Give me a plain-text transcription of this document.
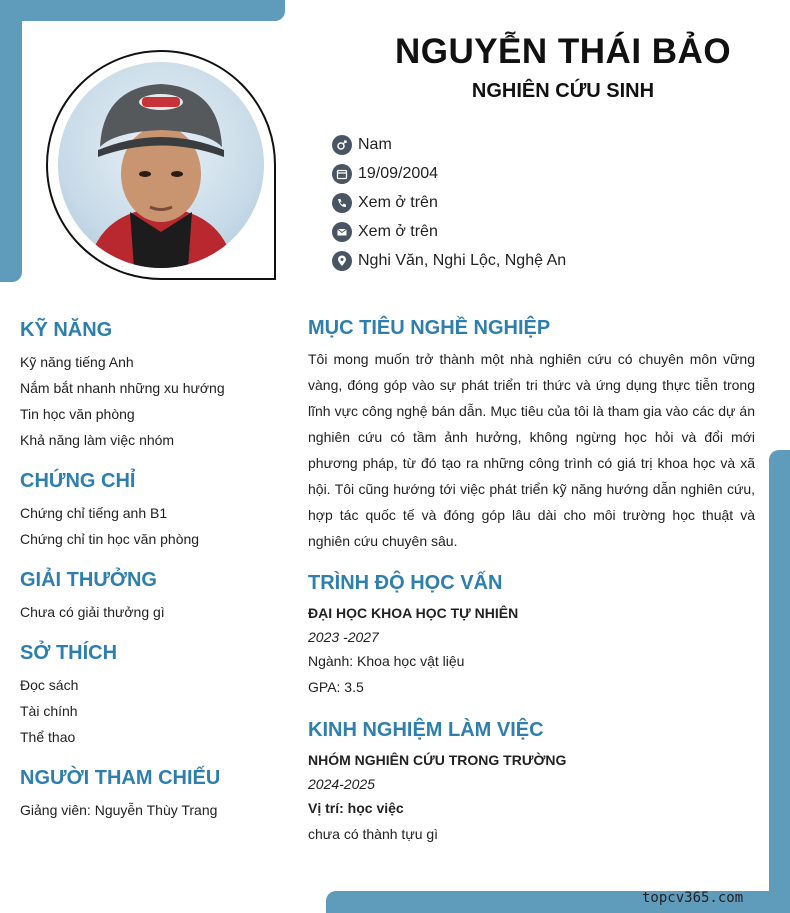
NGUYỄN THÁI BẢO
NGHIÊN CỨU SINH
Nam
19/09/2004
Xem ở trên
Xem ở trên
Nghi Văn, Nghi Lộc, Nghệ An
KỸ NĂNG
Kỹ năng tiếng Anh
Nắm bắt nhanh những xu hướng
Tin học văn phòng
Khả năng làm việc nhóm
CHỨNG CHỈ
Chứng chỉ tiếng anh B1
Chứng chỉ tin học văn phòng
GIẢI THƯỞNG
Chưa có giải thưởng gì
SỞ THÍCH
Đọc sách
Tài chính
Thể thao
NGƯỜI THAM CHIẾU
Giảng viên: Nguyễn Thùy Trang
MỤC TIÊU NGHỀ NGHIỆP
Tôi mong muốn trở thành một nhà nghiên cứu có chuyên môn vững vàng, đóng góp vào sự phát triển tri thức và ứng dụng thực tiễn trong lĩnh vực công nghệ bán dẫn. Mục tiêu của tôi là tham gia vào các dự án nghiên cứu có tầm ảnh hưởng, không ngừng học hỏi và đổi mới phương pháp, từ đó tạo ra những công trình có giá trị khoa học và xã hội. Tôi cũng hướng tới việc phát triển kỹ năng hướng dẫn nghiên cứu, hợp tác quốc tế và đóng góp lâu dài cho môi trường học thuật và nghiên cứu chuyên sâu.
TRÌNH ĐỘ HỌC VẤN
ĐẠI HỌC KHOA HỌC TỰ NHIÊN
2023 -2027
Ngành: Khoa học vật liệu
GPA: 3.5
KINH NGHIỆM LÀM VIỆC
NHÓM NGHIÊN CỨU TRONG TRƯỜNG
2024-2025
Vị trí: học việc
chưa có thành tựu gì
topcv365.com
